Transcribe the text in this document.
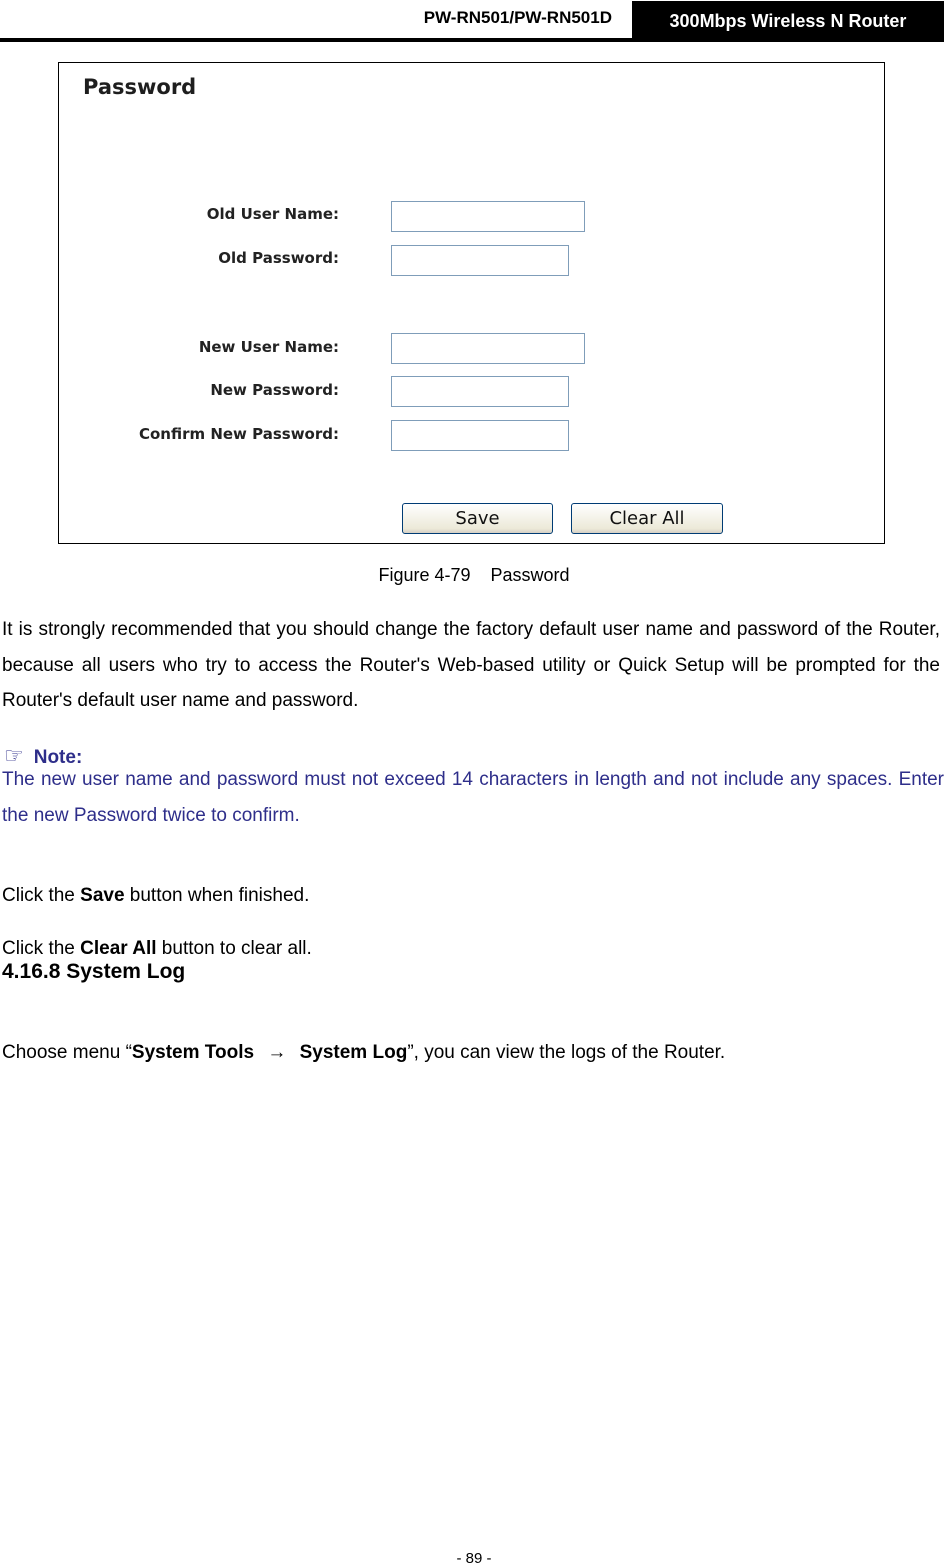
PW-RN501/PW-RN501D	300Mbps Wireless N Router
Password
Old User Name:
Old Password:
New User Name:
New Password:
Confirm New Password:
Save	Clear All
Figure 4-79    Password
It is strongly recommended that you should change the factory default user name and password of the Router, because all users who try to access the Router's Web-based utility or Quick Setup will be prompted for the Router's default user name and password.
☞ Note:
The new user name and password must not exceed 14 characters in length and not include any spaces. Enter the new Password twice to confirm.
Click the Save button when finished.
Click the Clear All button to clear all.
4.16.8 System Log
Choose menu “System Tools → System Log”, you can view the logs of the Router.
- 89 -
